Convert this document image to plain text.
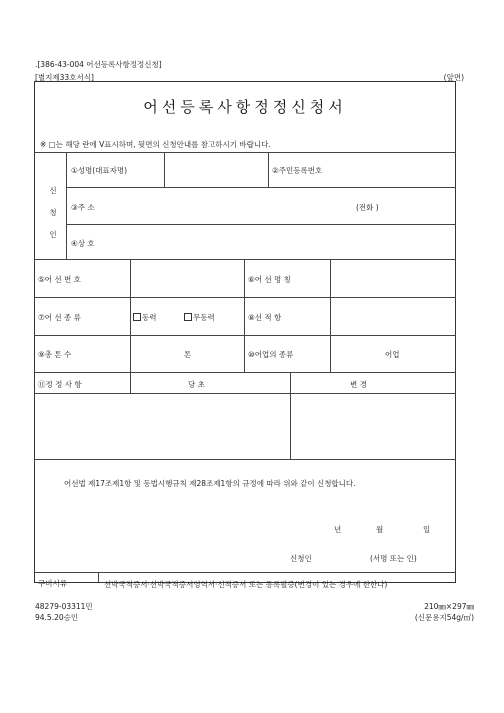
.[386-43-004 어선등록사항정정신청]
[별지제33호서식]	(앞면)
어선등록사항정정신청서
※ □는 해당 란에 V표시하며, 뒷면의 신청안내를 참고하시기 바랍니다.
신
청
인
①성명(대표자명)	②주민등록번호
③주 소	(전화 )
④상 호
⑤어 선 번 호	⑥어 선 명 칭
⑦어 선 종 류	동력	무동력	⑧선 적 항
⑨총 톤 수	톤	⑩어업의 종류	어업
⑪정 정 사 항	당 초	변 경
어선법 제17조제1항 및 동법시행규칙 제28조제1항의 규정에 따라 위와 같이 신청합니다.
년	월	일
신청인	(서명 또는 인)
구비서류	선박국적증서·선박국적증서영역서·신적증서 또는 등록필증(변경이 있는 경우에 한한다)
48279-03311민
94.5.20승인
210㎜×297㎜
(신문용지54g/㎡)
